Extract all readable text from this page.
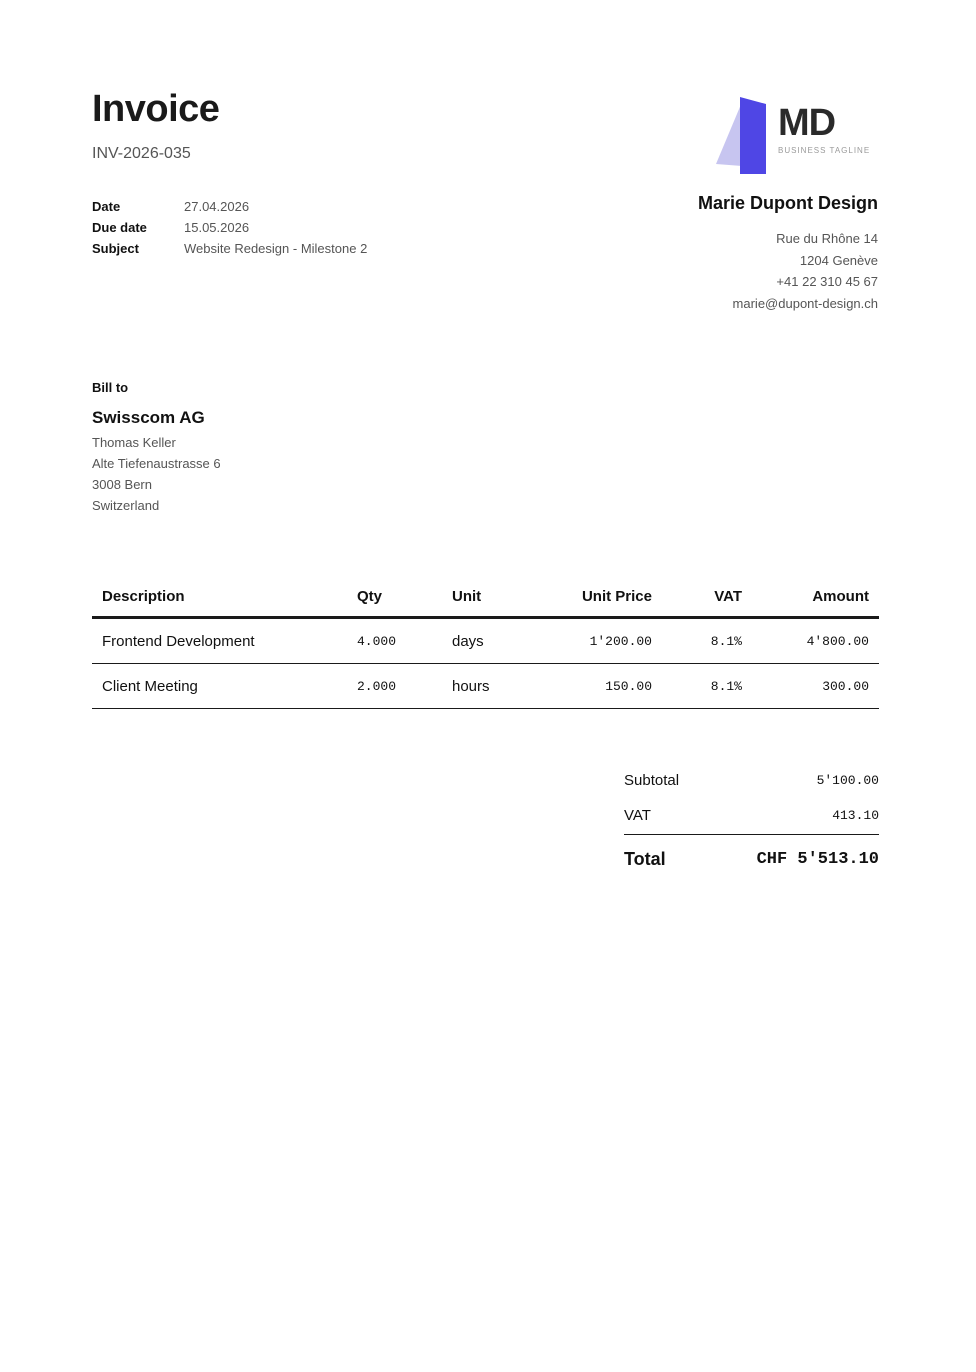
Invoice
INV-2026-035
Date	27.04.2026
Due date	15.05.2026
Subject	Website Redesign - Milestone 2
MD
BUSINESS TAGLINE
Marie Dupont Design
Rue du Rhône 14
1204 Genève
+41 22 310 45 67
marie@dupont-design.ch
Bill to
Swisscom AG
Thomas Keller
Alte Tiefenaustrasse 6
3008 Bern
Switzerland
Description	Qty	Unit	Unit Price	VAT	Amount
Frontend Development	4.000	days	1'200.00	8.1%	4'800.00
Client Meeting	2.000	hours	150.00	8.1%	300.00
Subtotal	5'100.00
VAT	413.10
Total	CHF 5'513.10
